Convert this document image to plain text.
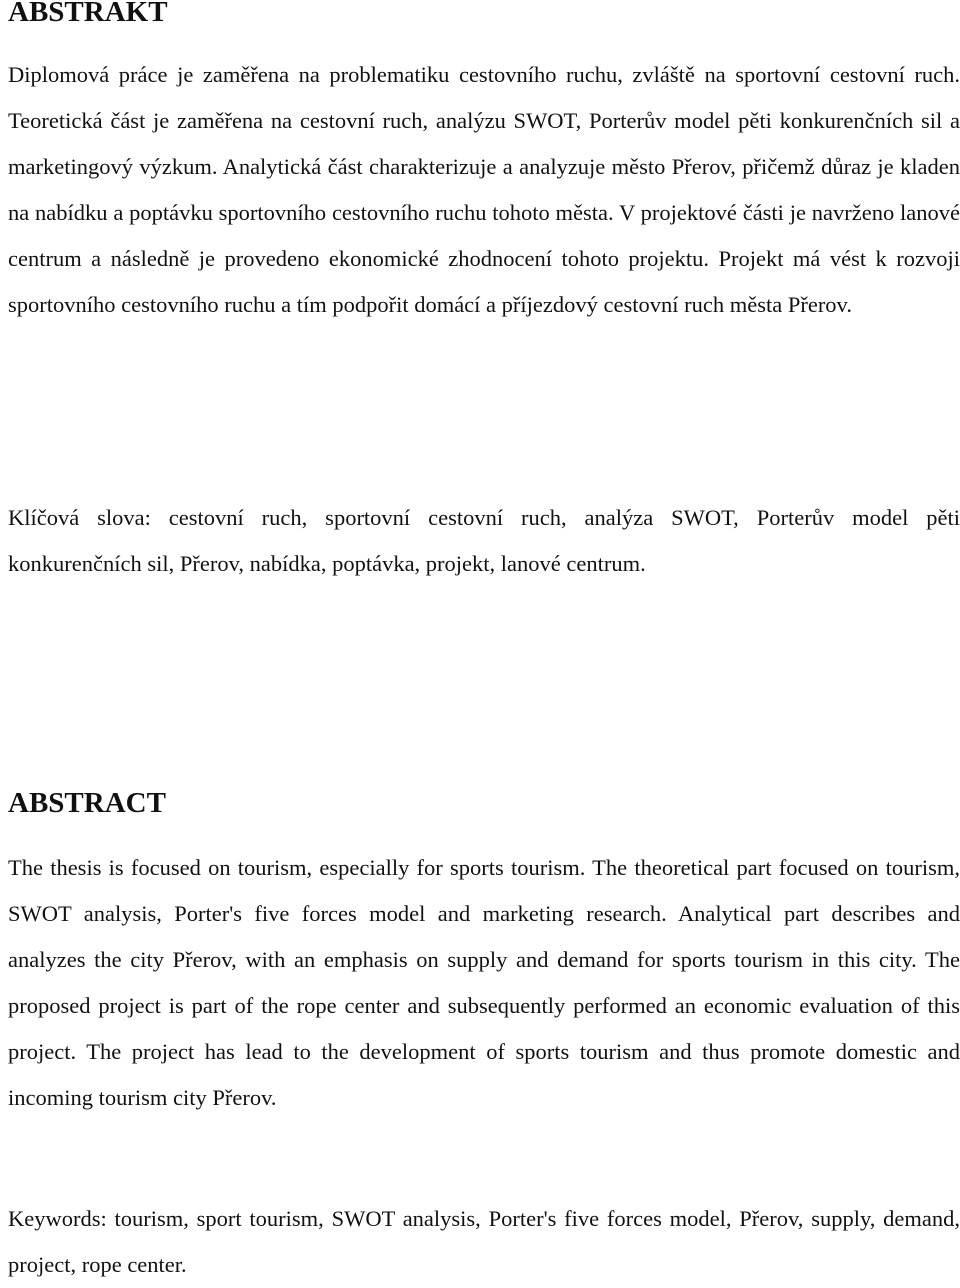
ABSTRAKT

Diplomová práce je zaměřena na problematiku cestovního ruchu, zvláště na sportovní cestovní ruch. Teoretická část je zaměřena na cestovní ruch, analýzu SWOT, Porterův model pěti konkurenčních sil a marketingový výzkum. Analytická část charakterizuje a analyzuje město Přerov, přičemž důraz je kladen na nabídku a poptávku sportovního cestovního ruchu tohoto města. V projektové části je navrženo lanové centrum a následně je provedeno ekonomické zhodnocení tohoto projektu. Projekt má vést k rozvoji sportovního cestovního ruchu a tím podpořit domácí a příjezdový cestovní ruch města Přerov.

Klíčová slova: cestovní ruch, sportovní cestovní ruch, analýza SWOT, Porterův model pěti konkurenčních sil, Přerov, nabídka, poptávka, projekt, lanové centrum.

ABSTRACT

The thesis is focused on tourism, especially for sports tourism. The theoretical part focused on tourism, SWOT analysis, Porter's five forces model and marketing research. Analytical part describes and analyzes the city Přerov, with an emphasis on supply and demand for sports tourism in this city. The proposed project is part of the rope center and subsequently performed an economic evaluation of this project. The project has lead to the development of sports tourism and thus promote domestic and incoming tourism city Přerov.

Keywords: tourism, sport tourism, SWOT analysis, Porter's five forces model, Přerov, supply, demand, project, rope center.
